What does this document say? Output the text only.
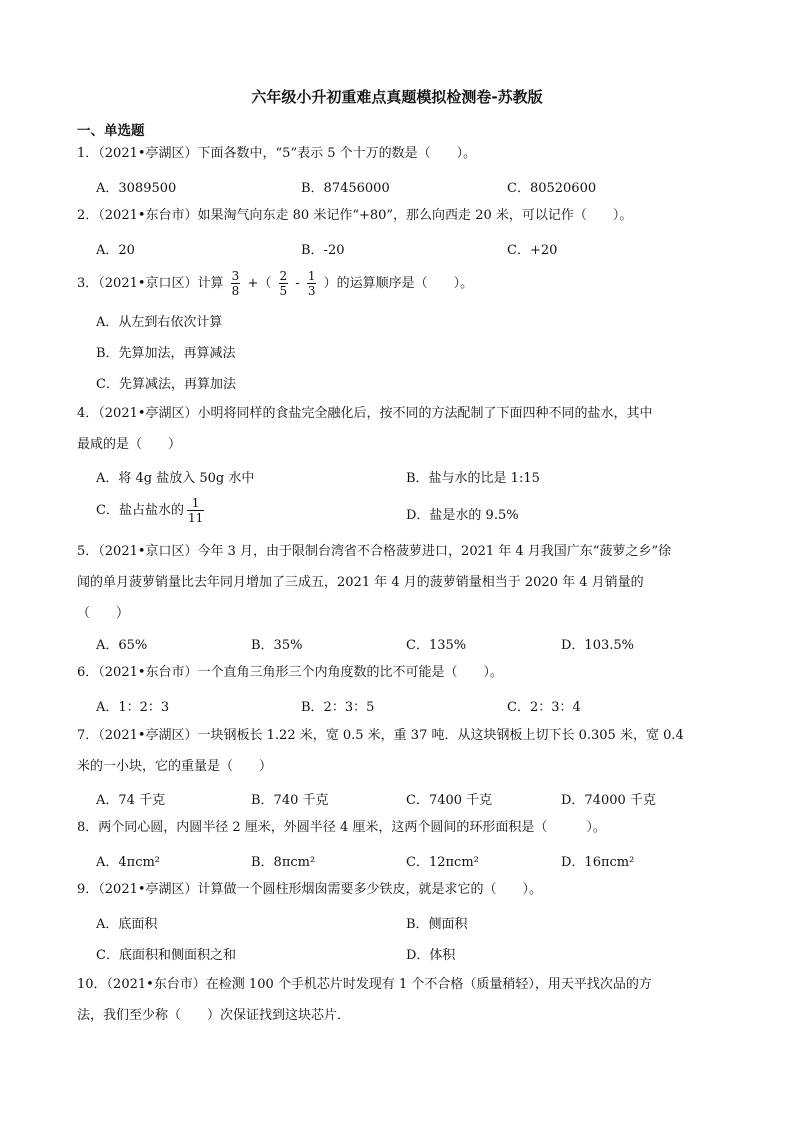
六年级小升初重难点真题模拟检测卷-苏教版
一、单选题
1．（2021•亭湖区）下面各数中，“5”表示 5 个十万的数是（　　）。
A．3089500	B．87456000	C．80520600
2．（2021•东台市）如果淘气向东走 80 米记作“+80”，那么向西走 20 米，可以记作（　　）。
A．20	B．-20	C．+20
3．（2021•京口区）计算 $\frac{3}{8}$ +（ $\frac{2}{5} - \frac{1}{3}$ ）的运算顺序是（　　）。
A．从左到右依次计算
B．先算加法，再算减法
C．先算减法，再算加法
4．（2021•亭湖区）小明将同样的食盐完全融化后，按不同的方法配制了下面四种不同的盐水，其中
最咸的是（　　）
A．将 4g 盐放入 50g 水中	B．盐与水的比是 1:15
C．盐占盐水的 $\frac{1}{11}$	D．盐是水的 9.5%
5．（2021•京口区）今年 3 月，由于限制台湾省不合格菠萝进口，2021 年 4 月我国广东“菠萝之乡”徐
闻的单月菠萝销量比去年同月增加了三成五，2021 年 4 月的菠萝销量相当于 2020 年 4 月销量的
（　　）
A．65%	B．35%	C．135%	D．103.5%
6．（2021•东台市）一个直角三角形三个内角度数的比不可能是（　　）。
A．1：2：3	B．2：3：5	C．2：3：4
7．（2021•亭湖区）一块钢板长 1.22 米，宽 0.5 米，重 37 吨．从这块钢板上切下长 0.305 米，宽 0.4
米的一小块，它的重量是（　　）
A．74 千克	B．740 千克	C．7400 千克	D．74000 千克
8．两个同心圆，内圆半径 2 厘米，外圆半径 4 厘米，这两个圆间的环形面积是（　　　）。
A．4πcm²	B．8πcm²	C．12πcm²	D．16πcm²
9．（2021•亭湖区）计算做一个圆柱形烟囱需要多少铁皮，就是求它的（　　）。
A．底面积	B．侧面积
C．底面积和侧面积之和	D．体积
10．（2021•东台市）在检测 100 个手机芯片时发现有 1 个不合格（质量稍轻），用天平找次品的方
法，我们至少称（　　）次保证找到这块芯片．
